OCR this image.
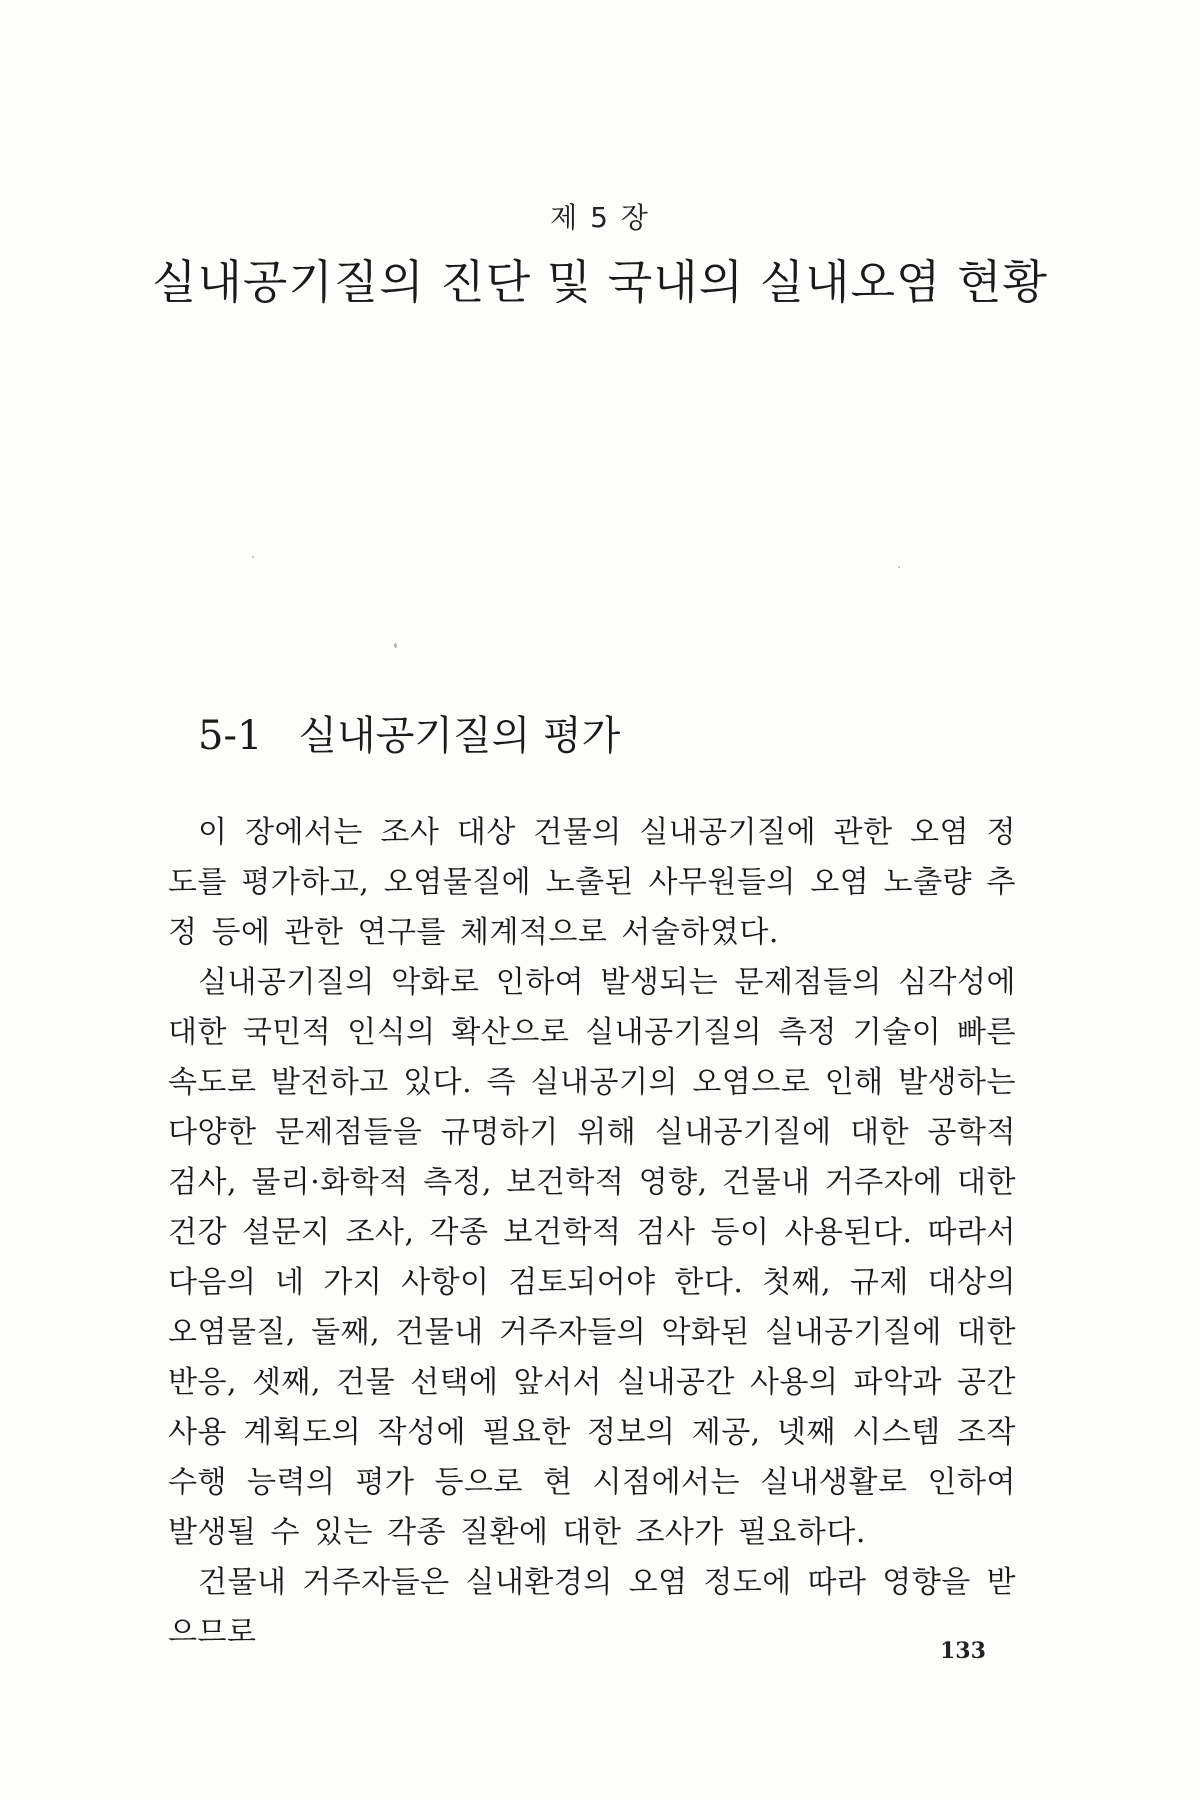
제 5 장
실내공기질의 진단 및 국내의 실내오염 현황
5-1 실내공기질의 평가

이 장에서는 조사 대상 건물의 실내공기질에 관한 오염 정도를 평가하고, 오염물질에 노출된 사무원들의 오염 노출량 추정 등에 관한 연구를 체계적으로 서술하였다.

실내공기질의 악화로 인하여 발생되는 문제점들의 심각성에 대한 국민적 인식의 확산으로 실내공기질의 측정 기술이 빠른 속도로 발전하고 있다. 즉 실내공기의 오염으로 인해 발생하는 다양한 문제점들을 규명하기 위해 실내공기질에 대한 공학적 검사, 물리·화학적 측정, 보건학적 영향, 건물내 거주자에 대한 건강 설문지 조사, 각종 보건학적 검사 등이 사용된다. 따라서 다음의 네 가지 사항이 검토되어야 한다. 첫째, 규제 대상의 오염물질, 둘째, 건물내 거주자들의 악화된 실내공기질에 대한 반응, 셋째, 건물 선택에 앞서서 실내공간 사용의 파악과 공간 사용 계획도의 작성에 필요한 정보의 제공, 넷째 시스템 조작 수행 능력의 평가 등으로 현 시점에서는 실내생활로 인하여 발생될 수 있는 각종 질환에 대한 조사가 필요하다.

건물내 거주자들은 실내환경의 오염 정도에 따라 영향을 받으므로

133
